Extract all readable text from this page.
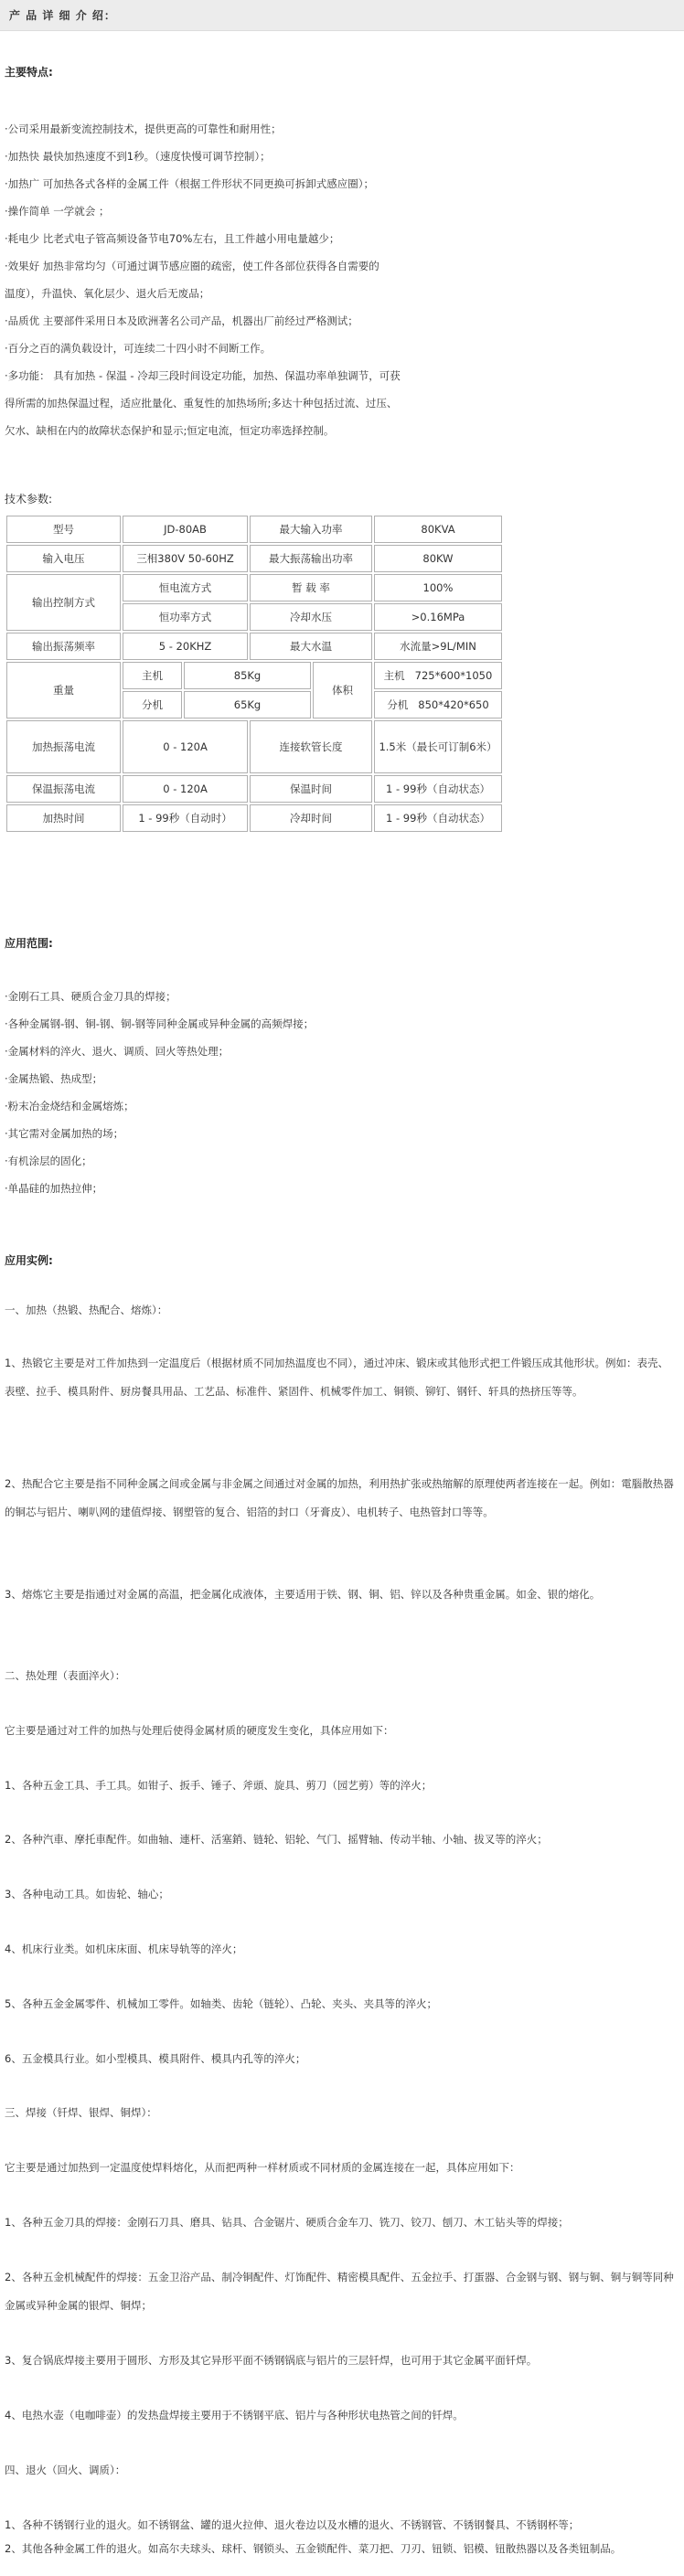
产 品 详 细 介 绍：
主要特点:
·公司采用最新变流控制技术，提供更高的可靠性和耐用性；
·加热快 最快加热速度不到1秒。（速度快慢可调节控制）；
·加热广 可加热各式各样的金属工件（根据工件形状不同更换可拆卸式感应圈）；
·操作简单 一学就会 ；
·耗电少 比老式电子管高频设备节电70%左右，且工件越小用电量越少；
·效果好 加热非常均匀（可通过调节感应圈的疏密，使工件各部位获得各自需要的
温度），升温快、氧化层少、退火后无废品；
·品质优 主要部件采用日本及欧洲著名公司产品，机器出厂前经过严格测试；
·百分之百的满负载设计，可连续二十四小时不间断工作。
·多功能： 具有加热 - 保温 - 冷却三段时间设定功能，加热、保温功率单独调节，可获
得所需的加热保温过程，适应批量化、重复性的加热场所;多达十种包括过流、过压、
欠水、缺相在内的故障状态保护和显示;恒定电流，恒定功率选择控制。
技术参数:
型号	JD-80AB		最大输入功率		80KVA
输入电压	三相380V 50-60HZ		最大振荡输出功率		80KW
输出控制方式	恒电流方式		暂 载 率		100%
	恒功率方式		冷却水压		>0.16MPa
输出振荡频率	5 - 20KHZ		最大水温		水流量>9L/MIN
重量	主机	85Kg		体积	主机 725*600*1050
	分机	65Kg			分机 850*420*650
加热振荡电流	0 - 120A		连接软管长度		1.5米（最长可订制6米）
保温振荡电流	0 - 120A		保温时间		1 - 99秒（自动状态）
加热时间	1 - 99秒（自动时）		冷却时间		1 - 99秒（自动状态）
应用范围:
·金刚石工具、硬质合金刀具的焊接；
·各种金属钢-钢、铜-钢、铜-钢等同种金属或异种金属的高频焊接；
·金属材料的淬火、退火、调质、回火等热处理；
·金属热锻、热成型；
·粉末冶金烧结和金属熔炼；
·其它需对金属加热的场；
·有机涂层的固化；
·单晶硅的加热拉伸；
应用实例:
一、加热（热锻、热配合、熔炼）：
1、热锻它主要是对工件加热到一定温度后（根据材质不同加热温度也不同），通过冲床、锻床或其他形式把工件锻压成其他形状。例如：表壳、表壁、拉手、模具附件、厨房餐具用品、工艺品、标准件、紧固件、机械零件加工、铜锁、铆钉、钢钎、轩具的热挤压等等。
2、热配合它主要是指不同种金属之间或金属与非金属之间通过对金属的加热，利用热扩张或热缩解的原理使两者连接在一起。例如：電腦散热器的铜芯与铝片、喇叭网的建值焊接、钢塑管的复合、铝箔的封口（牙膏皮）、电机转子、电热管封口等等。
3、熔炼它主要是指通过对金属的高温，把金属化成液体，主要适用于铁、钢、铜、铝、锌以及各种贵重金属。如金、银的熔化。
二、热处理（表面淬火）：
它主要是通过对工件的加热与处理后使得金属材质的硬度发生变化，具体应用如下：
1、各种五金工具、手工具。如钳子、扳手、锤子、斧頭、旋具、剪刀（园艺剪）等的淬火；
2、各种汽車、摩托車配件。如曲轴、連杆、活塞銷、链轮、铝轮、气门、摇臂轴、传动半轴、小轴、拔叉等的淬火；
3、各种电动工具。如齿轮、轴心；
4、机床行业类。如机床床面、机床导轨等的淬火；
5、各种五金金属零件、机械加工零件。如轴类、齿轮（链轮）、凸轮、夹头、夹具等的淬火；
6、五金模具行业。如小型模具、模具附件、模具内孔等的淬火；
三、焊接（钎焊、银焊、铜焊）：
它主要是通过加热到一定温度使焊料熔化，从而把两种一样材质或不同材质的金属连接在一起，具体应用如下：
1、各种五金刀具的焊接：金刚石刀具、磨具、钻具、合金锯片、硬质合金车刀、铣刀、铰刀、刨刀、木工钻头等的焊接；
2、各种五金机械配件的焊接：五金卫浴产品、制冷铜配件、灯饰配件、精密模具配件、五金拉手、打蛋器、合金钢与钢、钢与铜、铜与铜等同种金属或异种金属的银焊、铜焊；
3、复合锅底焊接主要用于圆形、方形及其它异形平面不锈钢锅底与铝片的三层钎焊，也可用于其它金属平面钎焊。
4、电热水壶（电咖啡壶）的发热盘焊接主要用于不锈钢平底、铝片与各种形状电热管之间的钎焊。
四、退火（回火、调质）：
1、各种不锈钢行业的退火。如不锈钢盆、罐的退火拉伸、退火卷边以及水槽的退火、不锈钢管、不锈钢餐具、不锈钢杯等；
2、其他各种金属工件的退火。如高尔夫球头、球杆、钢锁头、五金锁配件、菜刀把、刀刃、钮锁、铝模、钮散热器以及各类钮制品。
